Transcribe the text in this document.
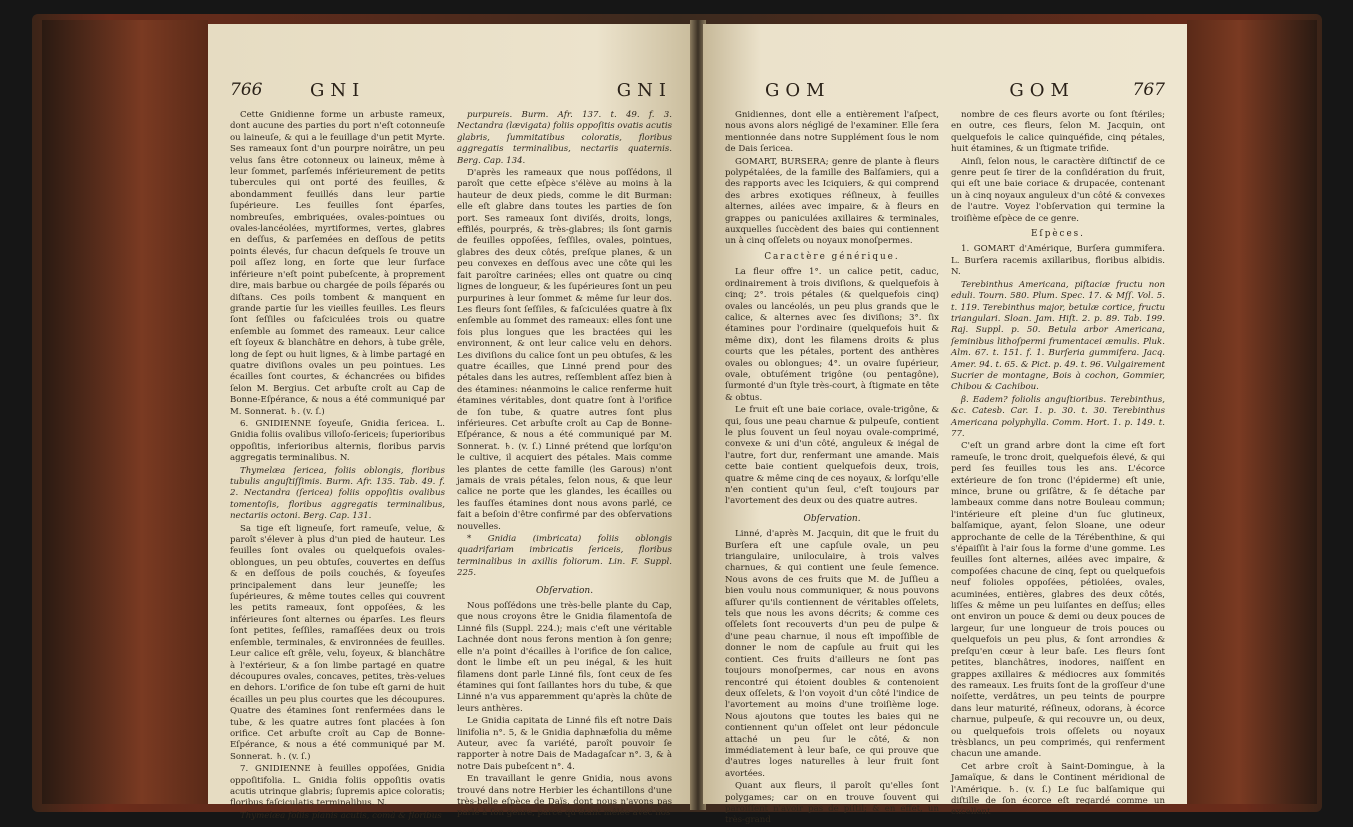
766	GNI	GNI

Cette Gnidienne forme un arbuste rameux, dont aucune des parties du port n'eſt cotonneuſe ou laineuſe, & qui a le feuillage d'un petit Myrte. Ses rameaux ſont d'un pourpre noirâtre, un peu velus ſans être cotonneux ou laineux, même à leur ſommet, parſemés inférieurement de petits tubercules qui ont porté des feuilles, & abondamment feuillés dans leur partie ſupérieure. Les feuilles ſont éparſes, nombreuſes, embriquées, ovales-pointues ou ovales-lancéolées, myrtiformes, vertes, glabres en deſſus, & parſemées en deſſous de petits points élevés, ſur chacun deſquels ſe trouve un poil aſſez long, en ſorte que leur ſurface inférieure n'eſt point pubeſcente, à proprement dire, mais barbue ou chargée de poils ſéparés ou diſtans. Ces poils tombent & manquent en grande partie ſur les vieilles feuilles. Les fleurs ſont ſeſſiles ou faſciculées trois ou quatre enſemble au ſommet des rameaux. Leur calice eſt ſoyeux & blanchâtre en dehors, à tube grêle, long de ſept ou huit lignes, & à limbe partagé en quatre diviſions ovales un peu pointues. Les écailles ſont courtes, & échancrées ou bifides ſelon M. Bergius. Cet arbuſte croît au Cap de Bonne-Eſpérance, & nous a été communiqué par M. Sonnerat. ♄. (v. ſ.)

6. GNIDIENNE ſoyeuſe, Gnidia ſericea. L. Gnidia foliis ovalibus villoſo-ſericeis; ſuperioribus oppoſitis, inferioribus alternis, floribus parvis aggregatis terminalibus. N.

Thymelæa ſericea, foliis oblongis, floribus tubulis anguſtiſſimis. Burm. Afr. 135. Tab. 49. f. 2. Nectandra (ſericea) foliis oppoſitis ovalibus tomentoſis, floribus aggregatis terminalibus, nectariis octoni. Berg. Cap. 131.

Sa tige eſt ligneuſe, fort rameuſe, velue, & paroît s'élever à plus d'un pied de hauteur. Les feuilles ſont ovales ou quelquefois ovales-oblongues, un peu obtuſes, couvertes en deſſus & en deſſous de poils couchés, & ſoyeuſes principalement dans leur jeuneſſe; les ſupérieures, & même toutes celles qui couvrent les petits rameaux, ſont oppoſées, & les inférieures ſont alternes ou éparſes. Les fleurs ſont petites, ſeſſiles, ramaſſées deux ou trois enſemble, terminales, & environnées de feuilles. Leur calice eſt grêle, velu, ſoyeux, & blanchâtre à l'extérieur, & a ſon limbe partagé en quatre découpures ovales, concaves, petites, très-velues en dehors. L'orifice de ſon tube eſt garni de huit écailles un peu plus courtes que les découpures. Quatre des étamines ſont renfermées dans le tube, & les quatre autres ſont placées à ſon orifice. Cet arbuſte croît au Cap de Bonne-Eſpérance, & nous a été communiqué par M. Sonnerat. ♄. (v. ſ.)

7. GNIDIENNE à feuilles oppoſées, Gnidia oppoſitifolia. L. Gnidia foliis oppoſitis ovatis acutis utrinque glabris; ſupremis apice coloratis; floribus faſciculatis terminalibus. N.

Thymelæa foliis planis acutis, comâ & floribus

purpureis. Burm. Afr. 137. t. 49. f. 3. Nectandra (lævigata) foliis oppoſitis ovatis acutis glabris, ſummitatibus coloratis, floribus aggregatis terminalibus, nectariis quaternis. Berg. Cap. 134.

D'après les rameaux que nous poſſédons, il paroît que cette eſpèce s'élève au moins à la hauteur de deux pieds, comme le dit Burman: elle eſt glabre dans toutes les parties de ſon port. Ses rameaux ſont diviſés, droits, longs, effilés, pourprés, & très-glabres; ils ſont garnis de feuilles oppoſées, ſeſſiles, ovales, pointues, glabres des deux côtés, preſque planes, & un peu convexes en deſſous avec une côte qui les fait paroître carinées; elles ont quatre ou cinq lignes de longueur, & les ſupérieures ſont un peu purpurines à leur ſommet & même ſur leur dos. Les fleurs ſont ſeſſiles, & faſciculées quatre à ſix enſemble au ſommet des rameaux: elles ſont une fois plus longues que les bractées qui les environnent, & ont leur calice velu en dehors. Les diviſions du calice ſont un peu obtuſes, & les quatre écailles, que Linné prend pour des pétales dans les autres, reſſemblent aſſez bien à des étamines: néanmoins le calice renferme huit étamines véritables, dont quatre ſont à l'orifice de ſon tube, & quatre autres ſont plus inférieures. Cet arbuſte croît au Cap de Bonne-Eſpérance, & nous a été communiqué par M. Sonnerat. ♄. (v. ſ.) Linné prétend que lorſqu'on le cultive, il acquiert des pétales. Mais comme les plantes de cette famille (les Garous) n'ont jamais de vrais pétales, ſelon nous, & que leur calice ne porte que les glandes, les écailles ou les fauſſes étamines dont nous avons parlé, ce fait a beſoin d'être confirmé par des obſervations nouvelles.

* Gnidia (imbricata) foliis oblongis quadrifariam imbricatis ſericeis, floribus terminalibus in axillis foliorum. Lin. F. Suppl. 225.

Obſervation.

Nous poſſédons une très-belle plante du Cap, que nous croyons être le Gnidia filamentoſa de Linné fils (Suppl. 224.); mais c'eſt une véritable Lachnée dont nous ferons mention à ſon genre; elle n'a point d'écailles à l'orifice de ſon calice, dont le limbe eſt un peu inégal, & les huit filamens dont parle Linné fils, ſont ceux de ſes étamines qui ſont ſaillantes hors du tube, & que Linné n'a vus apparemment qu'après la chûte de leurs anthères.

Le Gnidia capitata de Linné fils eſt notre Dais linifolia n°. 5, & le Gnidia daphnæfolia du même Auteur, avec ſa variété, paroît pouvoir ſe rapporter à notre Dais de Madagaſcar n°. 3, & à notre Dais pubeſcent n°. 4.

En travaillant le genre Gnidia, nous avons trouvé dans notre Herbier les échantillons d'une très-belle eſpèce de Daïs, dont nous n'avons pas parlé à ſon genre, parce qu'étant mêlée avec nos

GOM	GOM	767

Gnidiennes, dont elle a entièrement l'aſpect, nous avons alors négligé de l'examiner. Elle ſera mentionnée dans notre Supplément ſous le nom de Dais ſericea.

GOMART, BURSERA; genre de plante à fleurs polypétalées, de la famille des Balſamiers, qui a des rapports avec les Iciquiers, & qui comprend des arbres exotiques réſineux, à feuilles alternes, ailées avec impaire, & à fleurs en grappes ou paniculées axillaires & terminales, auxquelles ſuccèdent des baies qui contiennent un à cinq oſſelets ou noyaux monoſpermes.

Caractère générique.

La fleur offre 1°. un calice petit, caduc, ordinairement à trois diviſions, & quelquefois à cinq; 2°. trois pétales (& quelquefois cinq) ovales ou lancéolés, un peu plus grands que le calice, & alternes avec ſes diviſions; 3°. ſix étamines pour l'ordinaire (quelquefois huit & même dix), dont les filamens droits & plus courts que les pétales, portent des anthères ovales ou oblongues; 4°. un ovaire ſupérieur, ovale, obtuſément trigône (ou pentagône), ſurmonté d'un ſtyle très-court, à ſtigmate en tête & obtus.

Le fruit eſt une baie coriace, ovale-trigône, & qui, ſous une peau charnue & pulpeuſe, contient le plus ſouvent un ſeul noyau ovale-comprimé, convexe & uni d'un côté, anguleux & inégal de l'autre, fort dur, renfermant une amande. Mais cette baie contient quelquefois deux, trois, quatre & même cinq de ces noyaux, & lorſqu'elle n'en contient qu'un ſeul, c'eſt toujours par l'avortement des deux ou des quatre autres.

Obſervation.

Linné, d'après M. Jacquin, dit que le fruit du Burſera eſt une capſule ovale, un peu triangulaire, uniloculaire, à trois valves charnues, & qui contient une ſeule ſemence. Nous avons de ces fruits que M. de Juſſieu a bien voulu nous communiquer, & nous pouvons aſſurer qu'ils contiennent de véritables oſſelets, tels que nous les avons décrits; & comme ces oſſelets ſont recouverts d'un peu de pulpe & d'une peau charnue, il nous eſt impoſſible de donner le nom de capſule au fruit qui les contient. Ces fruits d'ailleurs ne ſont pas toujours monoſpermes, car nous en avons rencontré qui étoient doubles & contenoient deux oſſelets, & l'on voyoit d'un côté l'indice de l'avortement au moins d'une troiſième loge. Nous ajoutons que toutes les baies qui ne contiennent qu'un oſſelet ont leur pédoncule attaché un peu ſur le côté, & non immédiatement à leur baſe, ce qui prouve que d'autres loges naturelles à leur fruit ſont avortées.

Quant aux fleurs, il paroît qu'elles ſont polygames; car on en trouve ſouvent qui paroiſſent n'avoir pas de piſtil; & en effet, un très-grand

nombre de ces fleurs avorte ou ſont ſtériles; en outre, ces fleurs, ſelon M. Jacquin, ont quelquefois le calice quinquéfide, cinq pétales, huit étamines, & un ſtigmate trifide.

Ainſi, ſelon nous, le caractère diſtinctif de ce genre peut ſe tirer de la conſidération du fruit, qui eſt une baie coriace & drupacée, contenant un à cinq noyaux anguleux d'un côté & convexes de l'autre. Voyez l'obſervation qui termine la troiſième eſpèce de ce genre.

Eſpèces.

1. GOMART d'Amérique, Burſera gummifera. L. Burſera racemis axillaribus, floribus albidis. N.

Terebinthus Americana, piſtaciæ fructu non eduli. Tourn. 580. Plum. Spec. 17. & Mſſ. Vol. 5. t. 119. Terebinthus major, betulæ cortice, fructu triangulari. Sloan. Jam. Hiſt. 2. p. 89. Tab. 199. Raj. Suppl. p. 50. Betula arbor Americana, ſeminibus lithoſpermi frumentacei æmulis. Pluk. Alm. 67. t. 151. f. 1. Burſeria gummifera. Jacq. Amer. 94. t. 65. & Pict. p. 49. t. 96. Vulgairement Sucrier de montagne, Bois à cochon, Gommier, Chibou & Cachibou.

β. Eadem? foliolis anguſtioribus. Terebinthus, &c. Catesb. Car. 1. p. 30. t. 30. Terebinthus Americana polyphylla. Comm. Hort. 1. p. 149. t. 77.

C'eſt un grand arbre dont la cime eſt fort rameuſe, le tronc droit, quelquefois élevé, & qui perd ſes feuilles tous les ans. L'écorce extérieure de ſon tronc (l'épiderme) eſt unie, mince, brune ou griſâtre, & ſe détache par lambeaux comme dans notre Bouleau commun; l'intérieure eſt pleine d'un ſuc glutineux, balſamique, ayant, ſelon Sloane, une odeur approchante de celle de la Térébenthine, & qui s'épaiſſit à l'air ſous la forme d'une gomme. Les feuilles ſont alternes, ailées avec impaire, & compoſées chacune de cinq, ſept ou quelquefois neuf folioles oppoſées, pétiolées, ovales, acuminées, entières, glabres des deux côtés, liſſes & même un peu luiſantes en deſſus; elles ont environ un pouce & demi ou deux pouces de largeur, ſur une longueur de trois pouces ou quelquefois un peu plus, & ſont arrondies & preſqu'en cœur à leur baſe. Les fleurs ſont petites, blanchâtres, inodores, naiſſent en grappes axillaires & médiocres aux ſommités des rameaux. Les fruits ſont de la groſſeur d'une noiſette, verdâtres, un peu teints de pourpre dans leur maturité, réſineux, odorans, à écorce charnue, pulpeuſe, & qui recouvre un, ou deux, ou quelquefois trois oſſelets ou noyaux trèsblancs, un peu comprimés, qui renferment chacun une amande.

Cet arbre croît à Saint-Domingue, à la Jamaïque, & dans le Continent méridional de l'Amérique. ♄. (v. ſ.) Le ſuc balſamique qui diſtille de ſon écorce eſt regardé comme un excellent
